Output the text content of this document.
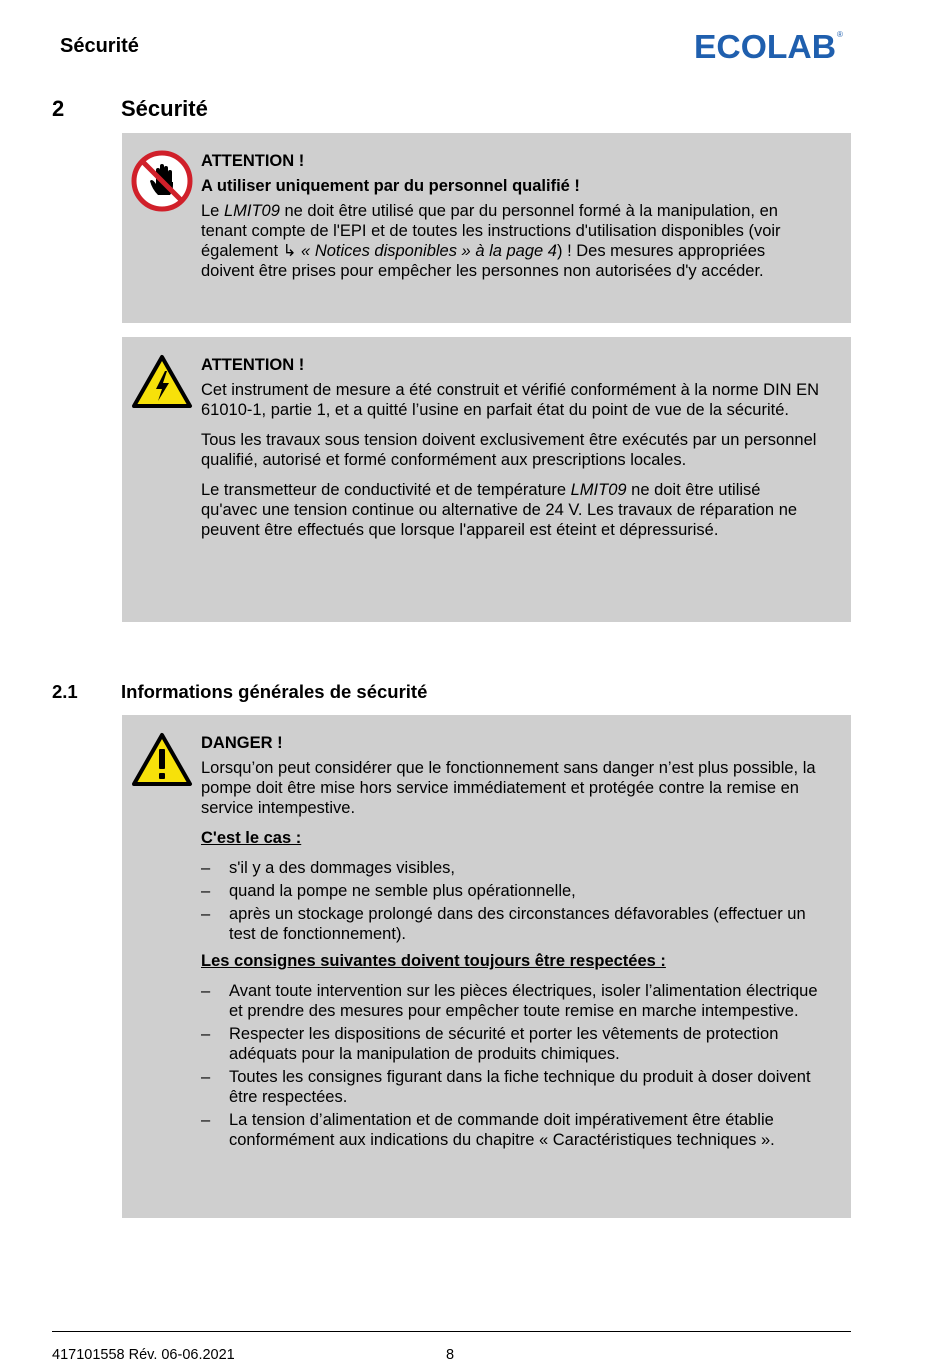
Sécurité	ECOLAB ®
2	Sécurité

ATTENTION !

A utiliser uniquement par du personnel qualifié !

Le LMIT09 ne doit être utilisé que par du personnel formé à la manipulation, en tenant compte de l'EPI et de toutes les instructions d'utilisation disponibles (voir également ↳ « Notices disponibles » à la page 4) ! Des mesures appropriées doivent être prises pour empêcher les personnes non autorisées d'y accéder.

ATTENTION !

Cet instrument de mesure a été construit et vérifié conformément à la norme DIN EN 61010-1, partie 1, et a quitté l’usine en parfait état du point de vue de la sécurité.

Tous les travaux sous tension doivent exclusivement être exécutés par un personnel qualifié, autorisé et formé conformément aux prescriptions locales.

Le transmetteur de conductivité et de température LMIT09 ne doit être utilisé qu'avec une tension continue ou alternative de 24 V. Les travaux de réparation ne peuvent être effectués que lorsque l'appareil est éteint et dépressurisé.

2.1 Informations générales de sécurité

DANGER !

Lorsqu’on peut considérer que le fonctionnement sans danger n’est plus possible, la pompe doit être mise hors service immédiatement et protégée contre la remise en service intempestive.

C'est le cas :

– s'il y a des dommages visibles,
– quand la pompe ne semble plus opérationnelle,
– après un stockage prolongé dans des circonstances défavorables (effectuer un test de fonctionnement).

Les consignes suivantes doivent toujours être respectées :

– Avant toute intervention sur les pièces électriques, isoler l’alimentation électrique et prendre des mesures pour empêcher toute remise en marche intempestive.
– Respecter les dispositions de sécurité et porter les vêtements de protection adéquats pour la manipulation de produits chimiques.
– Toutes les consignes figurant dans la fiche technique du produit à doser doivent être respectées.
– La tension d’alimentation et de commande doit impérativement être établie conformément aux indications du chapitre « Caractéristiques techniques ».
417101558 Rév. 06-06.2021	8
